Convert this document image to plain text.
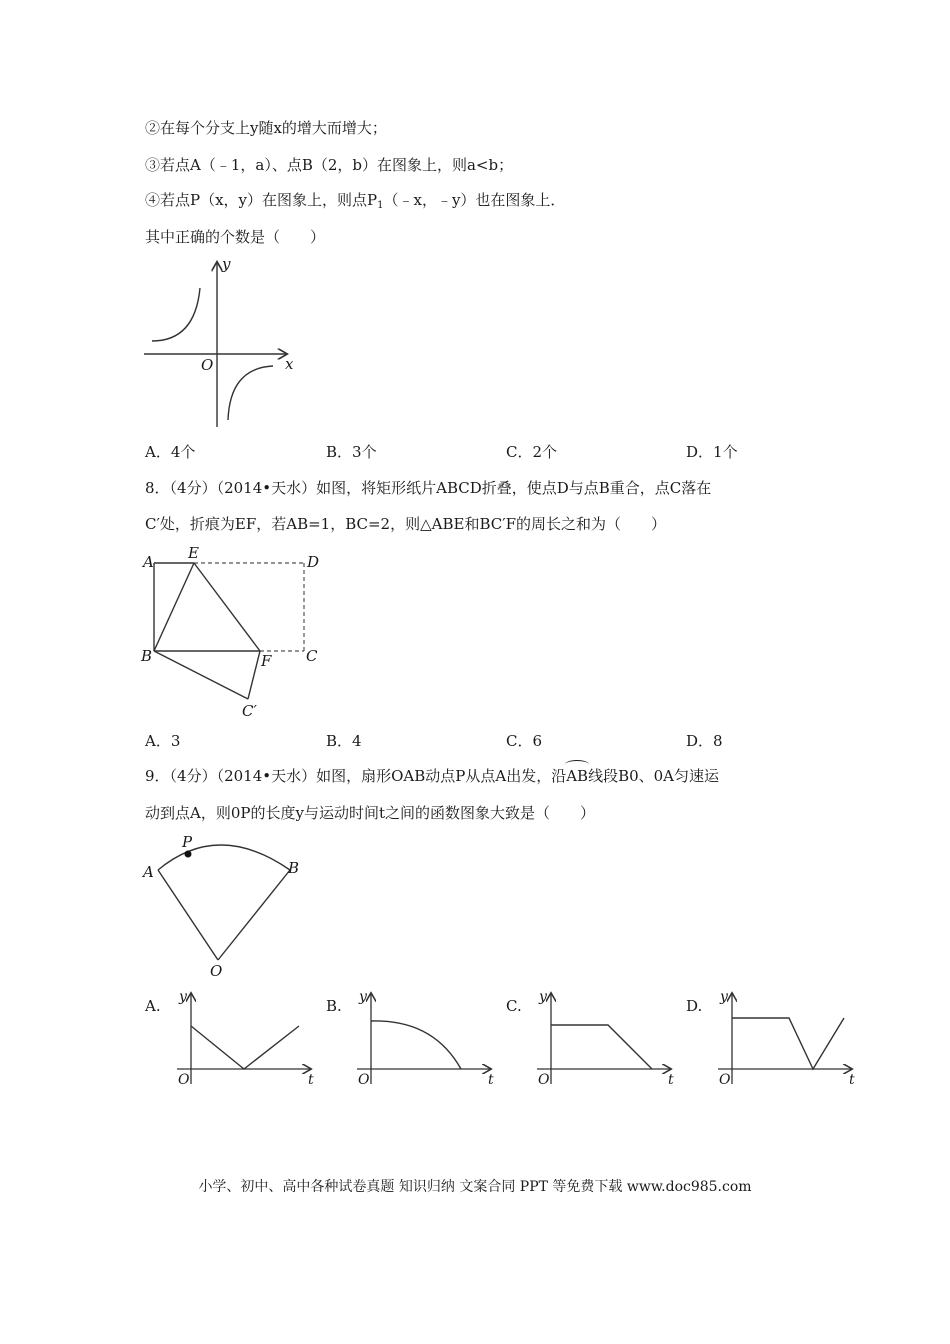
②在每个分支上y随x的增大而增大；
③若点A（﹣1，a）、点B（2，b）在图象上，则a<b；
④若点P（x，y）在图象上，则点$P_1(﹣x$，﹣y）也在图象上．
其中正确的个数是（　　）
y
x
O
A．4个	B．3个	C．2个	D．1个
8．（4分）（2014•天水）如图，将矩形纸片ABCD折叠，使点D与点B重合，点C落在
C′处，折痕为EF，若AB=1，BC=2，则△ABE和BC′F的周长之和为（　　）
A E	D
B	F C
C′
A．3	B．4	C．6	D．8
9．（4分）（2014•天水）如图，扇形OAB动点P从点A出发，沿AB线段B0、0A匀速运
动到点A，则0P的长度y与运动时间t之间的函数图象大致是（　　）
P
A	B
O
A. y
O	t
B. y
O	t
C. y
O	t
D. y
O	t
小学、初中、高中各种试卷真题 知识归纳 文案合同 PPT 等免费下载 www.doc985.com
